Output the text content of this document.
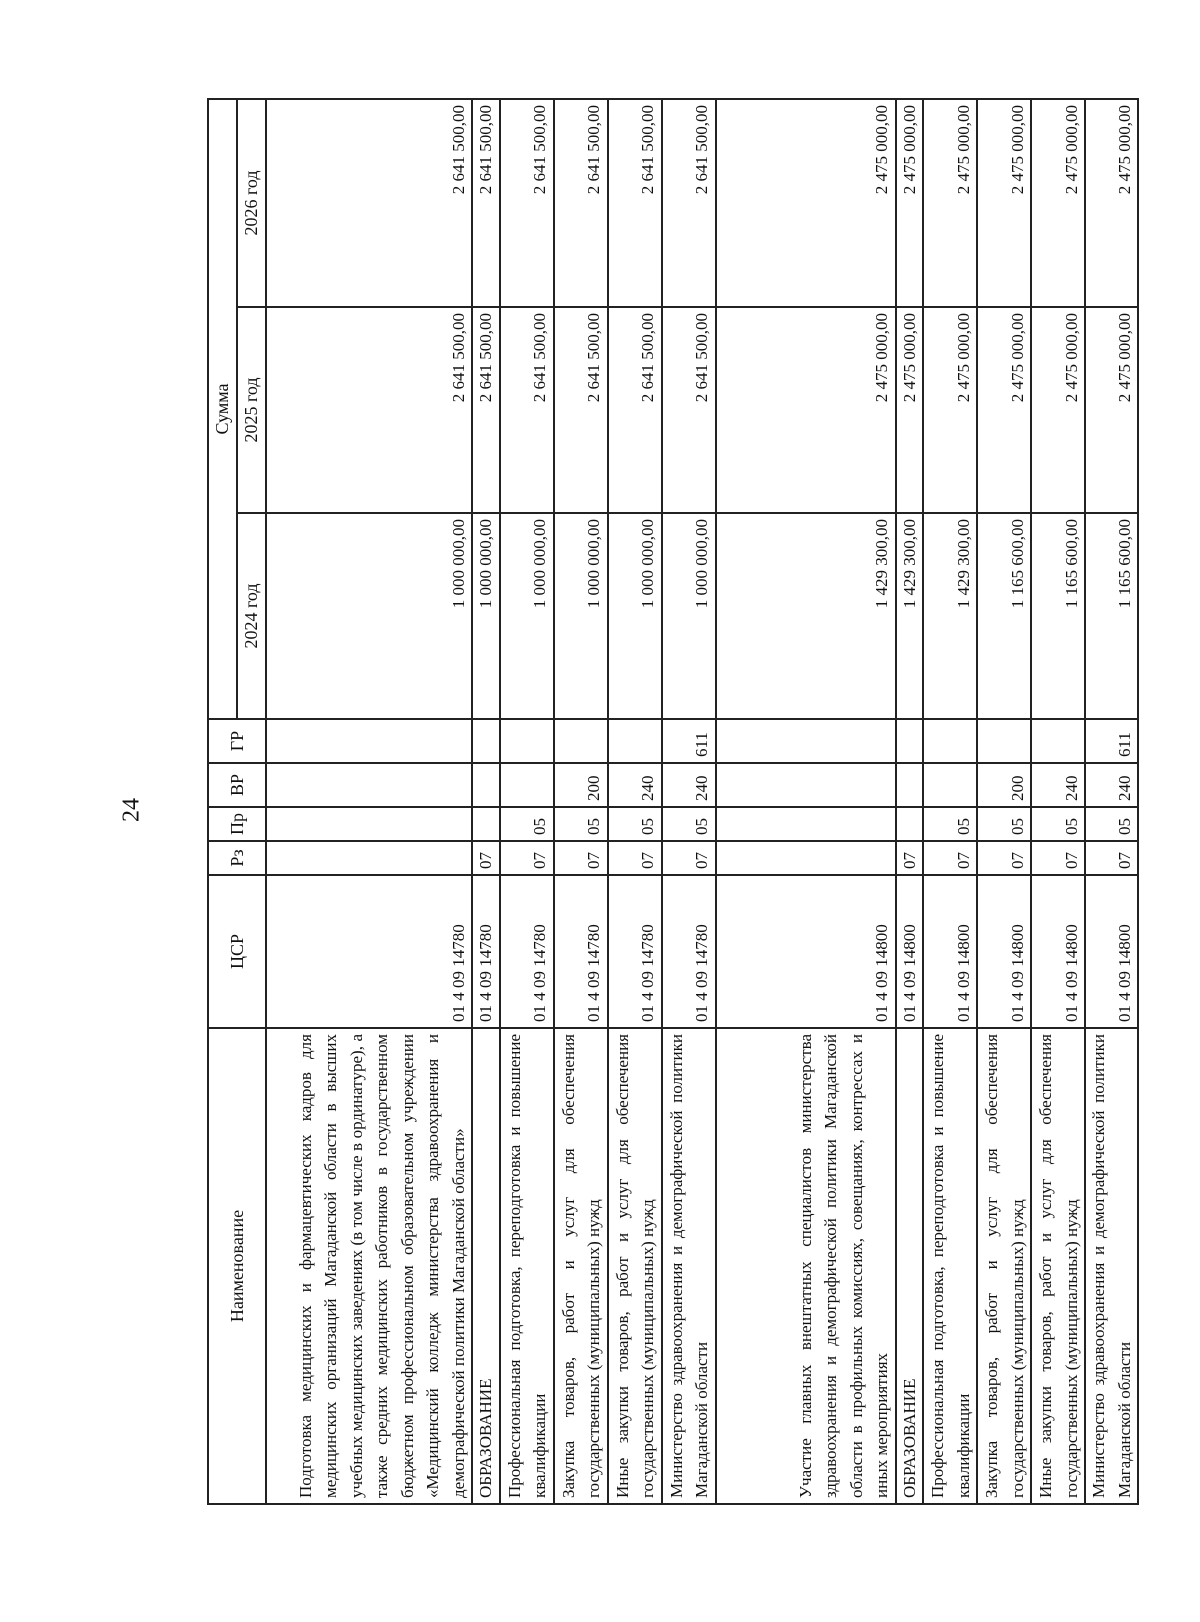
24
Наименование	ЦСР	Рз	Пр	ВР	ГР	Сумма		
						2024 год	2025 год	2026 год
Подготовка медицинских и фармацевтических кадров для медицинских организаций Магаданской области в высших учебных медицинских заведениях (в том числе в ординатуре), а также средних медицинских работников в государственном бюджетном профессиональном образовательном учреждении «Медицинский колледж министерства здравоохранения и демографической политики Магаданской области»	01 4 09 14780					1 000 000,00	2 641 500,00	2 641 500,00
ОБРАЗОВАНИЕ	01 4 09 14780	07				1 000 000,00	2 641 500,00	2 641 500,00
Профессиональная подготовка, переподготовка и повышение квалификации	01 4 09 14780	07	05			1 000 000,00	2 641 500,00	2 641 500,00
Закупка товаров, работ и услуг для обеспечения государственных (муниципальных) нужд	01 4 09 14780	07	05	200		1 000 000,00	2 641 500,00	2 641 500,00
Иные закупки товаров, работ и услуг для обеспечения государственных (муниципальных) нужд	01 4 09 14780	07	05	240		1 000 000,00	2 641 500,00	2 641 500,00
Министерство здравоохранения и демографической политики Магаданской области	01 4 09 14780	07	05	240	611	1 000 000,00	2 641 500,00	2 641 500,00
Участие главных внештатных специалистов министерства здравоохранения и демографической политики Магаданской области в профильных комиссиях, совещаниях, контрессах и иных мероприятиях	01 4 09 14800					1 429 300,00	2 475 000,00	2 475 000,00
ОБРАЗОВАНИЕ	01 4 09 14800	07				1 429 300,00	2 475 000,00	2 475 000,00
Профессиональная подготовка, переподготовка и повышение квалификации	01 4 09 14800	07	05			1 429 300,00	2 475 000,00	2 475 000,00
Закупка товаров, работ и услуг для обеспечения государственных (муниципальных) нужд	01 4 09 14800	07	05	200		1 165 600,00	2 475 000,00	2 475 000,00
Иные закупки товаров, работ и услуг для обеспечения государственных (муниципальных) нужд	01 4 09 14800	07	05	240		1 165 600,00	2 475 000,00	2 475 000,00
Министерство здравоохранения и демографической политики Магаданской области	01 4 09 14800	07	05	240	611	1 165 600,00	2 475 000,00	2 475 000,00
